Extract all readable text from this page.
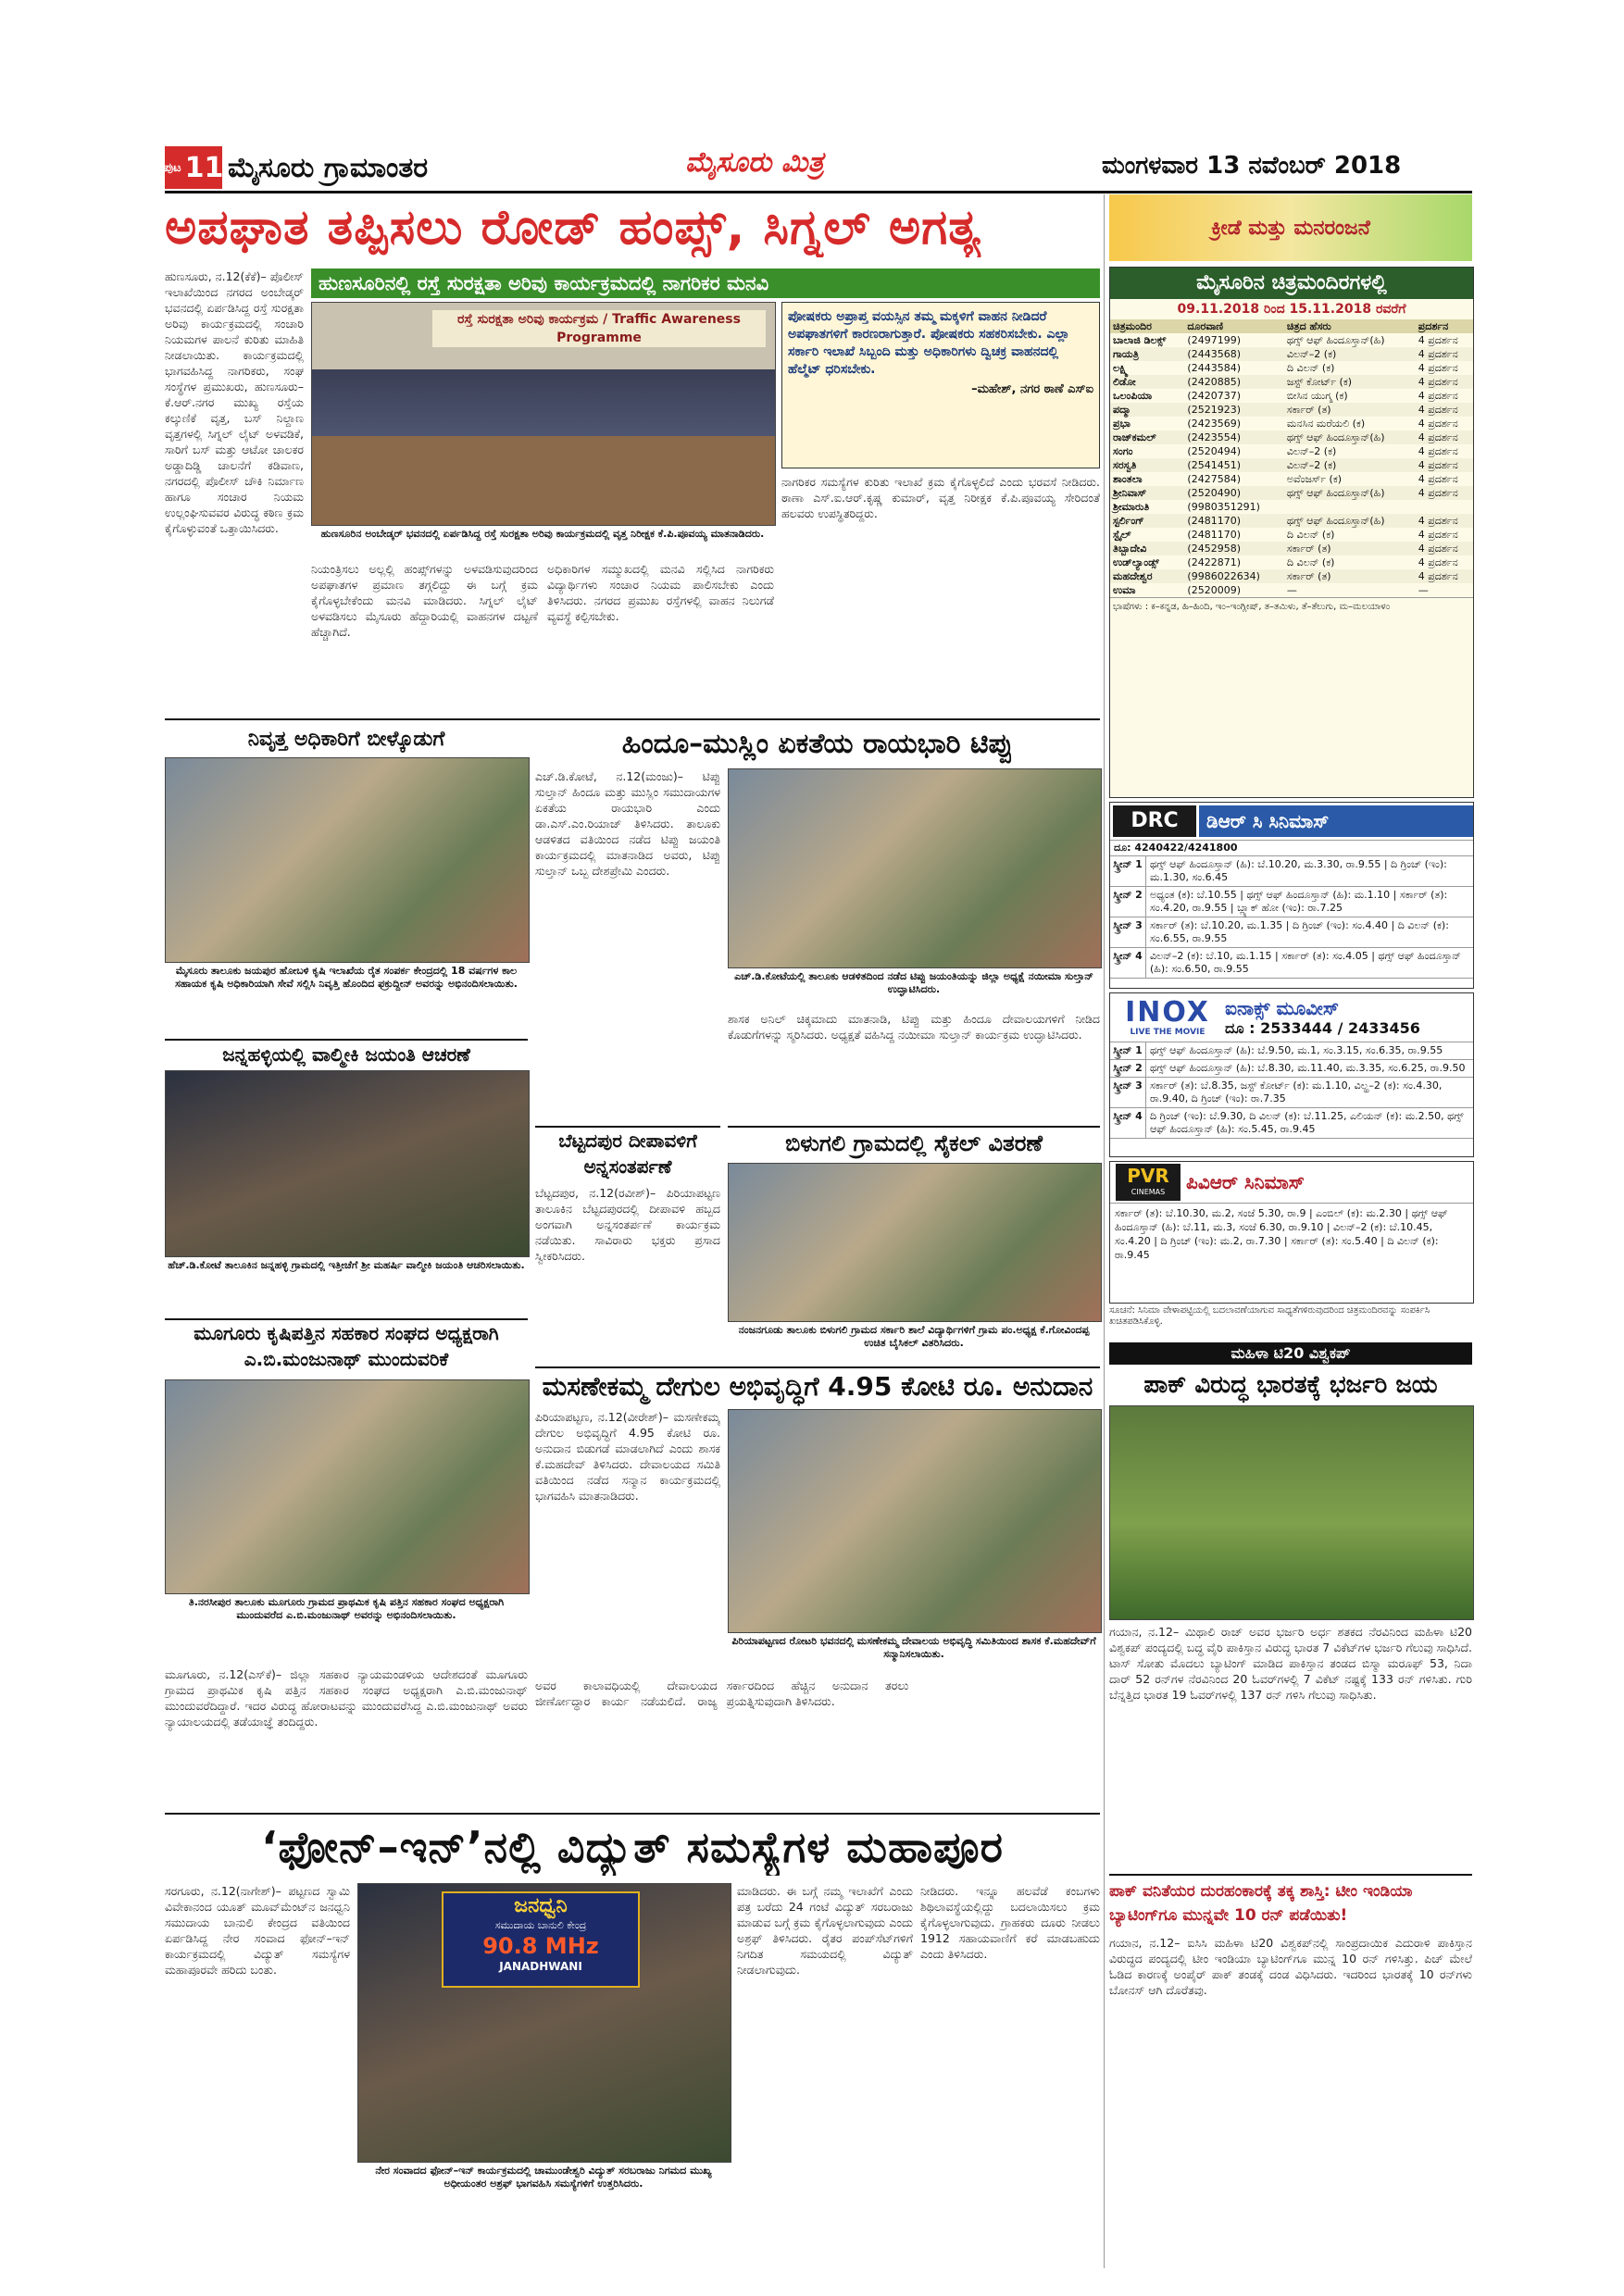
ಪುಟ 11 ಮೈಸೂರು ಗ್ರಾಮಾಂತರ	ಮೈಸೂರು ಮಿತ್ರ	ಮಂಗಳವಾರ 13 ನವೆಂಬರ್ 2018
ಅಪಘಾತ ತಪ್ಪಿಸಲು ರೋಡ್ ಹಂಪ್ಸ್, ಸಿಗ್ನಲ್ ಅಗತ್ಯ
ಹುಣಸೂರು, ನ.12(ಕೆಕೆ)– ಪೊಲೀಸ್ ಇಲಾಖೆಯಿಂದ ನಗರದ ಅಂಬೇಡ್ಕರ್ ಭವನದಲ್ಲಿ ಏರ್ಪಡಿಸಿದ್ದ ರಸ್ತೆ ಸುರಕ್ಷತಾ ಅರಿವು ಕಾರ್ಯಕ್ರಮದಲ್ಲಿ ಸಂಚಾರಿ ನಿಯಮಗಳ ಪಾಲನೆ ಕುರಿತು ಮಾಹಿತಿ ನೀಡಲಾಯಿತು. ಕಾರ್ಯಕ್ರಮದಲ್ಲಿ ಭಾಗವಹಿಸಿದ್ದ ನಾಗರಿಕರು, ಸಂಘ ಸಂಸ್ಥೆಗಳ ಪ್ರಮುಖರು, ಹುಣಸೂರು–ಕೆ.ಆರ್.ನಗರ ಮುಖ್ಯ ರಸ್ತೆಯ ಕಲ್ಕುಣಿಕೆ ವೃತ್ತ, ಬಸ್ ನಿಲ್ದಾಣ ವೃತ್ತಗಳಲ್ಲಿ ಸಿಗ್ನಲ್ ಲೈಟ್ ಅಳವಡಿಕೆ, ಸಾರಿಗೆ ಬಸ್ ಮತ್ತು ಆಟೋ ಚಾಲಕರ ಅಡ್ಡಾದಿಡ್ಡಿ ಚಾಲನೆಗೆ ಕಡಿವಾಣ, ನಗರದಲ್ಲಿ ಪೊಲೀಸ್ ಚೌಕಿ ನಿರ್ಮಾಣ ಹಾಗೂ ಸಂಚಾರ ನಿಯಮ ಉಲ್ಲಂಘಿಸುವವರ ವಿರುದ್ಧ ಕಠಿಣ ಕ್ರಮ ಕೈಗೊಳ್ಳುವಂತೆ ಒತ್ತಾಯಿಸಿದರು.
ಹುಣಸೂರಿನಲ್ಲಿ ರಸ್ತೆ ಸುರಕ್ಷತಾ ಅರಿವು ಕಾರ್ಯಕ್ರಮದಲ್ಲಿ ನಾಗರಿಕರ ಮನವಿ
ರಸ್ತೆ ಸುರಕ್ಷತಾ ಅರಿವು ಕಾರ್ಯಕ್ರಮ / Traffic Awareness Programme
ಹುಣಸೂರಿನ ಅಂಬೇಡ್ಕರ್ ಭವನದಲ್ಲಿ ಏರ್ಪಡಿಸಿದ್ದ ರಸ್ತೆ ಸುರಕ್ಷತಾ ಅರಿವು ಕಾರ್ಯಕ್ರಮದಲ್ಲಿ ವೃತ್ತ ನಿರೀಕ್ಷಕ ಕೆ.ಪಿ.ಪೂವಯ್ಯ ಮಾತನಾಡಿದರು.
ಪೋಷಕರು ಅಪ್ರಾಪ್ತ ವಯಸ್ಸಿನ ತಮ್ಮ ಮಕ್ಕಳಿಗೆ ವಾಹನ ನೀಡಿದರೆ ಅಪಘಾತಗಳಿಗೆ ಕಾರಣರಾಗುತ್ತಾರೆ. ಪೋಷಕರು ಸಹಕರಿಸಬೇಕು. ಎಲ್ಲಾ ಸರ್ಕಾರಿ ಇಲಾಖೆ ಸಿಬ್ಬಂದಿ ಮತ್ತು ಅಧಿಕಾರಿಗಳು ದ್ವಿಚಕ್ರ ವಾಹನದಲ್ಲಿ ಹೆಲ್ಮೆಟ್ ಧರಿಸಬೇಕು.
–ಮಹೇಶ್, ನಗರ ಠಾಣೆ ಎಸ್‌ಐ
ನಾಗರಿಕರ ಸಮಸ್ಯೆಗಳ ಕುರಿತು ಇಲಾಖೆ ಕ್ರಮ ಕೈಗೊಳ್ಳಲಿದೆ ಎಂದು ಭರವಸೆ ನೀಡಿದರು. ಠಾಣಾ ಎಸ್.ಐ.ಆರ್.ಕೃಷ್ಣ ಕುಮಾರ್, ವೃತ್ತ ನಿರೀಕ್ಷಕ ಕೆ.ಪಿ.ಪೂವಯ್ಯ ಸೇರಿದಂತೆ ಹಲವರು ಉಪಸ್ಥಿತರಿದ್ದರು.
ನಿಯಂತ್ರಿಸಲು ಅಲ್ಲಲ್ಲಿ ಹಂಪ್ಸ್‌ಗಳನ್ನು ಅಳವಡಿಸುವುದರಿಂದ ಅಪಘಾತಗಳ ಪ್ರಮಾಣ ತಗ್ಗಲಿದ್ದು ಈ ಬಗ್ಗೆ ಕ್ರಮ ಕೈಗೊಳ್ಳಬೇಕೆಂದು ಮನವಿ ಮಾಡಿದರು. ಸಿಗ್ನಲ್ ಲೈಟ್ ಅಳವಡಿಸಲು ಮೈಸೂರು ಹೆದ್ದಾರಿಯಲ್ಲಿ ವಾಹನಗಳ ದಟ್ಟಣೆ ಹೆಚ್ಚಾಗಿದೆ.
ಅಧಿಕಾರಿಗಳ ಸಮ್ಮುಖದಲ್ಲಿ ಮನವಿ ಸಲ್ಲಿಸಿದ ನಾಗರಿಕರು ವಿದ್ಯಾರ್ಥಿಗಳು ಸಂಚಾರ ನಿಯಮ ಪಾಲಿಸಬೇಕು ಎಂದು ತಿಳಿಸಿದರು. ನಗರದ ಪ್ರಮುಖ ರಸ್ತೆಗಳಲ್ಲಿ ವಾಹನ ನಿಲುಗಡೆ ವ್ಯವಸ್ಥೆ ಕಲ್ಪಿಸಬೇಕು.
ನಿವೃತ್ತ ಅಧಿಕಾರಿಗೆ ಬೀಳ್ಕೊಡುಗೆ
ಮೈಸೂರು ತಾಲೂಕು ಜಯಪುರ ಹೋಬಳಿ ಕೃಷಿ ಇಲಾಖೆಯ ರೈತ ಸಂಪರ್ಕ ಕೇಂದ್ರದಲ್ಲಿ 18 ವರ್ಷಗಳ ಕಾಲ ಸಹಾಯಕ ಕೃಷಿ ಅಧಿಕಾರಿಯಾಗಿ ಸೇವೆ ಸಲ್ಲಿಸಿ ನಿವೃತ್ತಿ ಹೊಂದಿದ ಫಕ್ರುದ್ದೀನ್ ಅವರನ್ನು ಅಭಿನಂದಿಸಲಾಯಿತು.
ಜನ್ನಹಳ್ಳಿಯಲ್ಲಿ ವಾಲ್ಮೀಕಿ ಜಯಂತಿ ಆಚರಣೆ
ಹೆಚ್.ಡಿ.ಕೋಟೆ ತಾಲೂಕಿನ ಜನ್ನಹಳ್ಳಿ ಗ್ರಾಮದಲ್ಲಿ ಇತ್ತೀಚೆಗೆ ಶ್ರೀ ಮಹರ್ಷಿ ವಾಲ್ಮೀಕಿ ಜಯಂತಿ ಆಚರಿಸಲಾಯಿತು.
ಮೂಗೂರು ಕೃಷಿಪತ್ತಿನ ಸಹಕಾರ ಸಂಘದ ಅಧ್ಯಕ್ಷರಾಗಿ ಎ.ಬಿ.ಮಂಜುನಾಥ್ ಮುಂದುವರಿಕೆ
ತಿ.ನರಸೀಪುರ ತಾಲೂಕು ಮೂಗೂರು ಗ್ರಾಮದ ಪ್ರಾಥಮಿಕ ಕೃಷಿ ಪತ್ತಿನ ಸಹಕಾರ ಸಂಘದ ಅಧ್ಯಕ್ಷರಾಗಿ ಮುಂದುವರೆದ ಎ.ಬಿ.ಮಂಜುನಾಥ್ ಅವರನ್ನು ಅಭಿನಂದಿಸಲಾಯಿತು.
ಮೂಗೂರು, ನ.12(ಎಸ್‌ಕೆ)– ಜಿಲ್ಲಾ ಸಹಕಾರ ನ್ಯಾಯಮಂಡಳಿಯ ಆದೇಶದಂತೆ ಮೂಗೂರು ಗ್ರಾಮದ ಪ್ರಾಥಮಿಕ ಕೃಷಿ ಪತ್ತಿನ ಸಹಕಾರ ಸಂಘದ ಅಧ್ಯಕ್ಷರಾಗಿ ಎ.ಬಿ.ಮಂಜುನಾಥ್ ಮುಂದುವರೆದಿದ್ದಾರೆ. ಇದರ ವಿರುದ್ಧ ಹೋರಾಟವನ್ನು ಮುಂದುವರೆಸಿದ್ದ ಎ.ಬಿ.ಮಂಜುನಾಥ್ ಅವರು ನ್ಯಾಯಾಲಯದಲ್ಲಿ ತಡೆಯಾಜ್ಞೆ ತಂದಿದ್ದರು.
ಹಿಂದೂ–ಮುಸ್ಲಿಂ ಏಕತೆಯ ರಾಯಭಾರಿ ಟಿಪ್ಪು
ಎಚ್.ಡಿ.ಕೋಟೆ, ನ.12(ಮಂಜು)– ಟಿಪ್ಪು ಸುಲ್ತಾನ್ ಹಿಂದೂ ಮತ್ತು ಮುಸ್ಲಿಂ ಸಮುದಾಯಗಳ ಏಕತೆಯ ರಾಯಭಾರಿ ಎಂದು ಡಾ.ಎಸ್.ಎಂ.ರಿಯಾಜ್ ತಿಳಿಸಿದರು. ತಾಲೂಕು ಆಡಳಿತದ ವತಿಯಿಂದ ನಡೆದ ಟಿಪ್ಪು ಜಯಂತಿ ಕಾರ್ಯಕ್ರಮದಲ್ಲಿ ಮಾತನಾಡಿದ ಅವರು, ಟಿಪ್ಪು ಸುಲ್ತಾನ್ ಒಬ್ಬ ದೇಶಪ್ರೇಮಿ ಎಂದರು.
ಎಚ್.ಡಿ.ಕೋಟೆಯಲ್ಲಿ ತಾಲೂಕು ಆಡಳಿತದಿಂದ ನಡೆದ ಟಿಪ್ಪು ಜಯಂತಿಯನ್ನು ಜಿಲ್ಲಾ ಅಧ್ಯಕ್ಷೆ ನಯೀಮಾ ಸುಲ್ತಾನ್ ಉದ್ಘಾಟಿಸಿದರು.
ಶಾಸಕ ಅನಿಲ್ ಚಿಕ್ಕಮಾದು ಮಾತನಾಡಿ, ಟಿಪ್ಪು ಮತ್ತು ಹಿಂದೂ ದೇವಾಲಯಗಳಿಗೆ ನೀಡಿದ ಕೊಡುಗೆಗಳನ್ನು ಸ್ಮರಿಸಿದರು. ಅಧ್ಯಕ್ಷತೆ ವಹಿಸಿದ್ದ ನಯೀಮಾ ಸುಲ್ತಾನ್ ಕಾರ್ಯಕ್ರಮ ಉದ್ಘಾಟಿಸಿದರು.
ಬೆಟ್ಟದಪುರ ದೀಪಾವಳಿಗೆ ಅನ್ನಸಂತರ್ಪಣೆ
ಬೆಟ್ಟದಪುರ, ನ.12(ರವೀಶ್)– ಪಿರಿಯಾಪಟ್ಟಣ ತಾಲೂಕಿನ ಬೆಟ್ಟದಪುರದಲ್ಲಿ ದೀಪಾವಳಿ ಹಬ್ಬದ ಅಂಗವಾಗಿ ಅನ್ನಸಂತರ್ಪಣೆ ಕಾರ್ಯಕ್ರಮ ನಡೆಯಿತು. ಸಾವಿರಾರು ಭಕ್ತರು ಪ್ರಸಾದ ಸ್ವೀಕರಿಸಿದರು.
ಬಿಳುಗಲಿ ಗ್ರಾಮದಲ್ಲಿ ಸೈಕಲ್ ವಿತರಣೆ
ನಂಜನಗೂಡು ತಾಲೂಕು ಬಿಳುಗಲಿ ಗ್ರಾಮದ ಸರ್ಕಾರಿ ಶಾಲೆ ವಿದ್ಯಾರ್ಥಿಗಳಿಗೆ ಗ್ರಾಮ ಪಂ.ಅಧ್ಯಕ್ಷ ಕೆ.ಗೋವಿಂದಪ್ಪ ಉಚಿತ ಬೈಸಿಕಲ್ ವಿತರಿಸಿದರು.
ಮಸಣೇಕಮ್ಮ ದೇಗುಲ ಅಭಿವೃದ್ಧಿಗೆ 4.95 ಕೋಟಿ ರೂ. ಅನುದಾನ
ಪಿರಿಯಾಪಟ್ಟಣ, ನ.12(ವೀರೇಶ್)– ಮಸಣೇಕಮ್ಮ ದೇಗುಲ ಅಭಿವೃದ್ಧಿಗೆ 4.95 ಕೋಟಿ ರೂ. ಅನುದಾನ ಬಿಡುಗಡೆ ಮಾಡಲಾಗಿದೆ ಎಂದು ಶಾಸಕ ಕೆ.ಮಹದೇವ್ ತಿಳಿಸಿದರು. ದೇವಾಲಯದ ಸಮಿತಿ ವತಿಯಿಂದ ನಡೆದ ಸನ್ಮಾನ ಕಾರ್ಯಕ್ರಮದಲ್ಲಿ ಭಾಗವಹಿಸಿ ಮಾತನಾಡಿದರು.
ಪಿರಿಯಾಪಟ್ಟಣದ ರೋಟರಿ ಭವನದಲ್ಲಿ ಮಸಣೇಕಮ್ಮ ದೇವಾಲಯ ಅಭಿವೃದ್ಧಿ ಸಮಿತಿಯಿಂದ ಶಾಸಕ ಕೆ.ಮಹದೇವ್‌ಗೆ ಸನ್ಮಾನಿಸಲಾಯಿತು.
ಅವರ ಕಾಲಾವಧಿಯಲ್ಲಿ ದೇವಾಲಯದ ಜೀರ್ಣೋದ್ಧಾರ ಕಾರ್ಯ ನಡೆಯಲಿದೆ. ರಾಜ್ಯ ಸರ್ಕಾರದಿಂದ ಹೆಚ್ಚಿನ ಅನುದಾನ ತರಲು ಪ್ರಯತ್ನಿಸುವುದಾಗಿ ತಿಳಿಸಿದರು.
‘ಫೋನ್–ಇನ್’ನಲ್ಲಿ ವಿದ್ಯುತ್ ಸಮಸ್ಯೆಗಳ ಮಹಾಪೂರ
ಸರಗೂರು, ನ.12(ನಾಗೇಶ್)– ಪಟ್ಟಣದ ಸ್ವಾಮಿ ವಿವೇಕಾನಂದ ಯೂತ್ ಮೂವ್‌ಮೆಂಟ್‌ನ ಜನಧ್ವನಿ ಸಮುದಾಯ ಬಾನುಲಿ ಕೇಂದ್ರದ ವತಿಯಿಂದ ಏರ್ಪಡಿಸಿದ್ದ ನೇರ ಸಂವಾದ ಫೋನ್–ಇನ್ ಕಾರ್ಯಕ್ರಮದಲ್ಲಿ ವಿದ್ಯುತ್ ಸಮಸ್ಯೆಗಳ ಮಹಾಪೂರವೇ ಹರಿದು ಬಂತು.
ಜನಧ್ವನಿ
ಸಮುದಾಯ ಬಾನುಲಿ ಕೇಂದ್ರ
90.8 MHz
JANADHWANI
ನೇರ ಸಂವಾದದ ಫೋನ್–ಇನ್ ಕಾರ್ಯಕ್ರಮದಲ್ಲಿ ಚಾಮುಂಡೇಶ್ವರಿ ವಿದ್ಯುತ್ ಸರಬರಾಜು ನಿಗಮದ ಮುಖ್ಯ ಅಧೀಯಂತರ ಅಶ್ರಫ್ ಭಾಗವಹಿಸಿ ಸಮಸ್ಯೆಗಳಿಗೆ ಉತ್ತರಿಸಿದರು.
ಮಾಡಿದರು. ಈ ಬಗ್ಗೆ ನಮ್ಮ ಇಲಾಖೆಗೆ ಎಂದು ಪತ್ರ ಬರೆದು 24 ಗಂಟೆ ವಿದ್ಯುತ್ ಸರಬರಾಜು ಮಾಡುವ ಬಗ್ಗೆ ಕ್ರಮ ಕೈಗೊಳ್ಳಲಾಗುವುದು ಎಂದು ಅಶ್ರಫ್ ತಿಳಿಸಿದರು. ರೈತರ ಪಂಪ್‌ಸೆಟ್‌ಗಳಿಗೆ ನಿಗದಿತ ಸಮಯದಲ್ಲಿ ವಿದ್ಯುತ್ ನೀಡಲಾಗುವುದು.
ನೀಡಿದರು. ಇನ್ನೂ ಹಲವೆಡೆ ಕಂಬಗಳು ಶಿಥಿಲಾವಸ್ಥೆಯಲ್ಲಿದ್ದು ಬದಲಾಯಿಸಲು ಕ್ರಮ ಕೈಗೊಳ್ಳಲಾಗುವುದು. ಗ್ರಾಹಕರು ದೂರು ನೀಡಲು 1912 ಸಹಾಯವಾಣಿಗೆ ಕರೆ ಮಾಡಬಹುದು ಎಂದು ತಿಳಿಸಿದರು.
ಕ್ರೀಡೆ ಮತ್ತು ಮನರಂಜನೆ
ಮೈಸೂರಿನ ಚಿತ್ರಮಂದಿರಗಳಲ್ಲಿ
09.11.2018 ರಿಂದ 15.11.2018 ರವರೆಗೆ
ಚಿತ್ರಮಂದಿರ	ದೂರವಾಣಿ	ಚಿತ್ರದ ಹೆಸರು	ಪ್ರದರ್ಶನ
ಬಾಲಾಜಿ ಡಿಲಕ್ಸ್	(2497199)	ಥಗ್ಸ್ ಆಫ್ ಹಿಂದೂಸ್ತಾನ್(ಹಿ)	4 ಪ್ರದರ್ಶನ
ಗಾಯತ್ರಿ	(2443568)	ವಿಲನ್–2 (ಕ)	4 ಪ್ರದರ್ಶನ
ಲಕ್ಷ್ಮಿ	(2443584)	ದಿ ವಿಲನ್ (ಕ)	4 ಪ್ರದರ್ಶನ
ಲಿಡೋ	(2420885)	ಜಸ್ಟ್ ಕೋರ್ಟ್ (ಕ)	4 ಪ್ರದರ್ಶನ
ಒಲಂಪಿಯಾ	(2420737)	ಬೀಸಿನ ಯುಗ್ಮ (ಕ)	4 ಪ್ರದರ್ಶನ
ಪದ್ಮಾ	(2521923)	ಸರ್ಕಾರ್ (ತ)	4 ಪ್ರದರ್ಶನ
ಪ್ರಭಾ	(2423569)	ಮನಸಿನ ಮರೆಯಲಿ (ಕ)	4 ಪ್ರದರ್ಶನ
ರಾಜ್‌ಕಮಲ್	(2423554)	ಥಗ್ಸ್ ಆಫ್ ಹಿಂದೂಸ್ತಾನ್(ಹಿ)	4 ಪ್ರದರ್ಶನ
ಸಂಗಂ	(2520494)	ವಿಲನ್–2 (ಕ)	4 ಪ್ರದರ್ಶನ
ಸರಸ್ವತಿ	(2541451)	ವಿಲನ್–2 (ಕ)	4 ಪ್ರದರ್ಶನ
ಶಾಂತಲಾ	(2427584)	ಅವೆಂಜರ್ಸ್ (ಕ)	4 ಪ್ರದರ್ಶನ
ಶ್ರೀನಿವಾಸ್	(2520490)	ಥಗ್ಸ್ ಆಫ್ ಹಿಂದೂಸ್ತಾನ್(ಹಿ)	4 ಪ್ರದರ್ಶನ
ಶ್ರೀಮಾರುತಿ	(9980351291)		
ಸ್ಟರ್ಲಿಂಗ್	(2481170)	ಥಗ್ಸ್ ಆಫ್ ಹಿಂದೂಸ್ತಾನ್(ಹಿ)	4 ಪ್ರದರ್ಶನ
ಸ್ಟೈಲ್	(2481170)	ದಿ ವಿಲನ್ (ಕ)	4 ಪ್ರದರ್ಶನ
ತಿಬ್ಬಾದೇವಿ	(2452958)	ಸರ್ಕಾರ್ (ತ)	4 ಪ್ರದರ್ಶನ
ಉಡ್‌ಲ್ಯಾಂಡ್ಸ್	(2422871)	ದಿ ವಿಲನ್ (ಕ)	4 ಪ್ರದರ್ಶನ
ಮಹದೇಶ್ವರ	(9986022634)	ಸರ್ಕಾರ್ (ತ)	4 ಪ್ರದರ್ಶನ
ಉಮಾ	(2520009)	—	—
ಭಾಷೆಗಳು : ಕ–ಕನ್ನಡ, ಹಿ–ಹಿಂದಿ, ಇಂ–ಇಂಗ್ಲೀಷ್, ತ–ತಮಿಳು, ತೆ–ತೆಲುಗು, ಮ–ಮಲಯಾಳಂ
DRC	ಡಿಆರ್ ಸಿ ಸಿನಿಮಾಸ್
ದೂ: 4240422/4241800
ಸ್ಕ್ರೀನ್ 1 ಥಗ್ಸ್ ಆಫ್ ಹಿಂದೂಸ್ತಾನ್ (ಹಿ): ಬೆ.10.20, ಮ.3.30, ರಾ.9.55 | ದಿ ಗ್ರಿಂಚ್ (ಇಂ): ಮ.1.30, ಸಂ.6.45
ಸ್ಕ್ರೀನ್ 2 ಅಧ್ಯಂತ (ಕ): ಬೆ.10.55 | ಥಗ್ಸ್ ಆಫ್ ಹಿಂದೂಸ್ತಾನ್ (ಹಿ): ಮ.1.10 | ಸರ್ಕಾರ್ (ತ): ಸಂ.4.20, ರಾ.9.55 | ಬ್ಲ್ಯಾಕ್ ಹೋ (ಇಂ): ರಾ.7.25
ಸ್ಕ್ರೀನ್ 3 ಸರ್ಕಾರ್ (ತ): ಬೆ.10.20, ಮ.1.35 | ದಿ ಗ್ರಿಂಚ್ (ಇಂ): ಸಂ.4.40 | ದಿ ವಿಲನ್ (ಕ): ಸಂ.6.55, ರಾ.9.55
ಸ್ಕ್ರೀನ್ 4 ವಿಲನ್–2 (ಕ): ಬೆ.10, ಮ.1.15 | ಸರ್ಕಾರ್ (ತ): ಸಂ.4.05 | ಥಗ್ಸ್ ಆಫ್ ಹಿಂದೂಸ್ತಾನ್ (ಹಿ): ಸಂ.6.50, ರಾ.9.55
INOX
LIVE THE MOVIE
ಐನಾಕ್ಸ್ ಮೂವೀಸ್
ದೂ : 2533444 / 2433456
ಸ್ಕ್ರೀನ್ 1 ಥಗ್ಸ್ ಆಫ್ ಹಿಂದೂಸ್ತಾನ್ (ಹಿ): ಬೆ.9.50, ಮ.1, ಸಂ.3.15, ಸಂ.6.35, ರಾ.9.55
ಸ್ಕ್ರೀನ್ 2 ಥಗ್ಸ್ ಆಫ್ ಹಿಂದೂಸ್ತಾನ್ (ಹಿ): ಬೆ.8.30, ಮ.11.40, ಮ.3.35, ಸಂ.6.25, ರಾ.9.50
ಸ್ಕ್ರೀನ್ 3 ಸರ್ಕಾರ್ (ತ): ಬೆ.8.35, ಜಸ್ಟ್ ಕೋರ್ಟ್ (ಕ): ಮ.1.10, ವಿಲ್ಹ–2 (ಕ): ಸಂ.4.30, ರಾ.9.40, ದಿ ಗ್ರಿಂಚ್ (ಇಂ): ರಾ.7.35
ಸ್ಕ್ರೀನ್ 4 ದಿ ಗ್ರಿಂಚ್ (ಇಂ): ಬೆ.9.30, ದಿ ವಿಲನ್ (ಕ): ಬೆ.11.25, ಎಲಿಯನ್ (ಕ): ಮ.2.50, ಥಗ್ಸ್ ಆಫ್ ಹಿಂದೂಸ್ತಾನ್ (ಹಿ): ಸಂ.5.45, ರಾ.9.45
PVR
CINEMAS	ಪಿವಿಆರ್ ಸಿನಿಮಾಸ್
ಸರ್ಕಾರ್ (ತ): ಬೆ.10.30, ಮ.2, ಸಂಜೆ 5.30, ರಾ.9 | ಎಂಬಿಲ್ (ಕ): ಮ.2.30 | ಥಗ್ಸ್ ಆಫ್ ಹಿಂದೂಸ್ತಾನ್ (ಹಿ): ಬೆ.11, ಮ.3, ಸಂಜೆ 6.30, ರಾ.9.10 | ವಿಲನ್–2 (ಕ): ಬೆ.10.45, ಸಂ.4.20 | ದಿ ಗ್ರಿಂಚ್ (ಇಂ): ಮ.2, ರಾ.7.30 | ಸರ್ಕಾರ್ (ತ): ಸಂ.5.40 | ದಿ ವಿಲನ್ (ಕ): ರಾ.9.45
ಸೂಚನೆ: ಸಿನಿಮಾ ವೇಳಾಪಟ್ಟಿಯಲ್ಲಿ ಬದಲಾವಣೆಯಾಗುವ ಸಾಧ್ಯತೆಗಳಿರುವುದರಿಂದ ಚಿತ್ರಮಂದಿರವನ್ನು ಸಂಪರ್ಕಿಸಿ ಖಚಿತಪಡಿಸಿಕೊಳ್ಳಿ.
ಮಹಿಳಾ ಟಿ20 ವಿಶ್ವಕಪ್
ಪಾಕ್ ವಿರುದ್ಧ ಭಾರತಕ್ಕೆ ಭರ್ಜರಿ ಜಯ
ಗಯಾನ, ನ.12– ಮಿಥಾಲಿ ರಾಜ್ ಅವರ ಭರ್ಜರಿ ಅರ್ಧ ಶತಕದ ನೆರವಿನಿಂದ ಮಹಿಳಾ ಟಿ20 ವಿಶ್ವಕಪ್ ಪಂದ್ಯದಲ್ಲಿ ಬದ್ಧ ವೈರಿ ಪಾಕಿಸ್ತಾನ ವಿರುದ್ಧ ಭಾರತ 7 ವಿಕೆಟ್‌ಗಳ ಭರ್ಜರಿ ಗೆಲುವು ಸಾಧಿಸಿದೆ. ಟಾಸ್ ಸೋತು ಮೊದಲು ಬ್ಯಾಟಿಂಗ್ ಮಾಡಿದ ಪಾಕಿಸ್ತಾನ ತಂಡದ ಬಿಸ್ಮಾ ಮರೂಫ್ 53, ನಿದಾ ದಾರ್ 52 ರನ್‌ಗಳ ನೆರವಿನಿಂದ 20 ಓವರ್‌ಗಳಲ್ಲಿ 7 ವಿಕೆಟ್ ನಷ್ಟಕ್ಕೆ 133 ರನ್ ಗಳಿಸಿತು. ಗುರಿ ಬೆನ್ನತ್ತಿದ ಭಾರತ 19 ಓವರ್‌ಗಳಲ್ಲಿ 137 ರನ್ ಗಳಿಸಿ ಗೆಲುವು ಸಾಧಿಸಿತು.
ಪಾಕ್ ವನಿತೆಯರ ದುರಹಂಕಾರಕ್ಕೆ ತಕ್ಕ ಶಾಸ್ತಿ: ಟೀಂ ಇಂಡಿಯಾ ಬ್ಯಾಟಿಂಗ್‌ಗೂ ಮುನ್ನವೇ 10 ರನ್ ಪಡೆಯಿತು!
ಗಯಾನ, ನ.12– ಐಸಿಸಿ ಮಹಿಳಾ ಟಿ20 ವಿಶ್ವಕಪ್‌ನಲ್ಲಿ ಸಾಂಪ್ರದಾಯಿಕ ಎದುರಾಳಿ ಪಾಕಿಸ್ತಾನ ವಿರುದ್ಧದ ಪಂದ್ಯದಲ್ಲಿ ಟೀಂ ಇಂಡಿಯಾ ಬ್ಯಾಟಿಂಗ್‌ಗೂ ಮುನ್ನ 10 ರನ್ ಗಳಿಸಿತ್ತು. ಪಿಚ್ ಮೇಲೆ ಓಡಿದ ಕಾರಣಕ್ಕೆ ಅಂಪೈರ್ ಪಾಕ್ ತಂಡಕ್ಕೆ ದಂಡ ವಿಧಿಸಿದರು. ಇದರಿಂದ ಭಾರತಕ್ಕೆ 10 ರನ್‌ಗಳು ಬೋನಸ್ ಆಗಿ ದೊರೆತವು.
